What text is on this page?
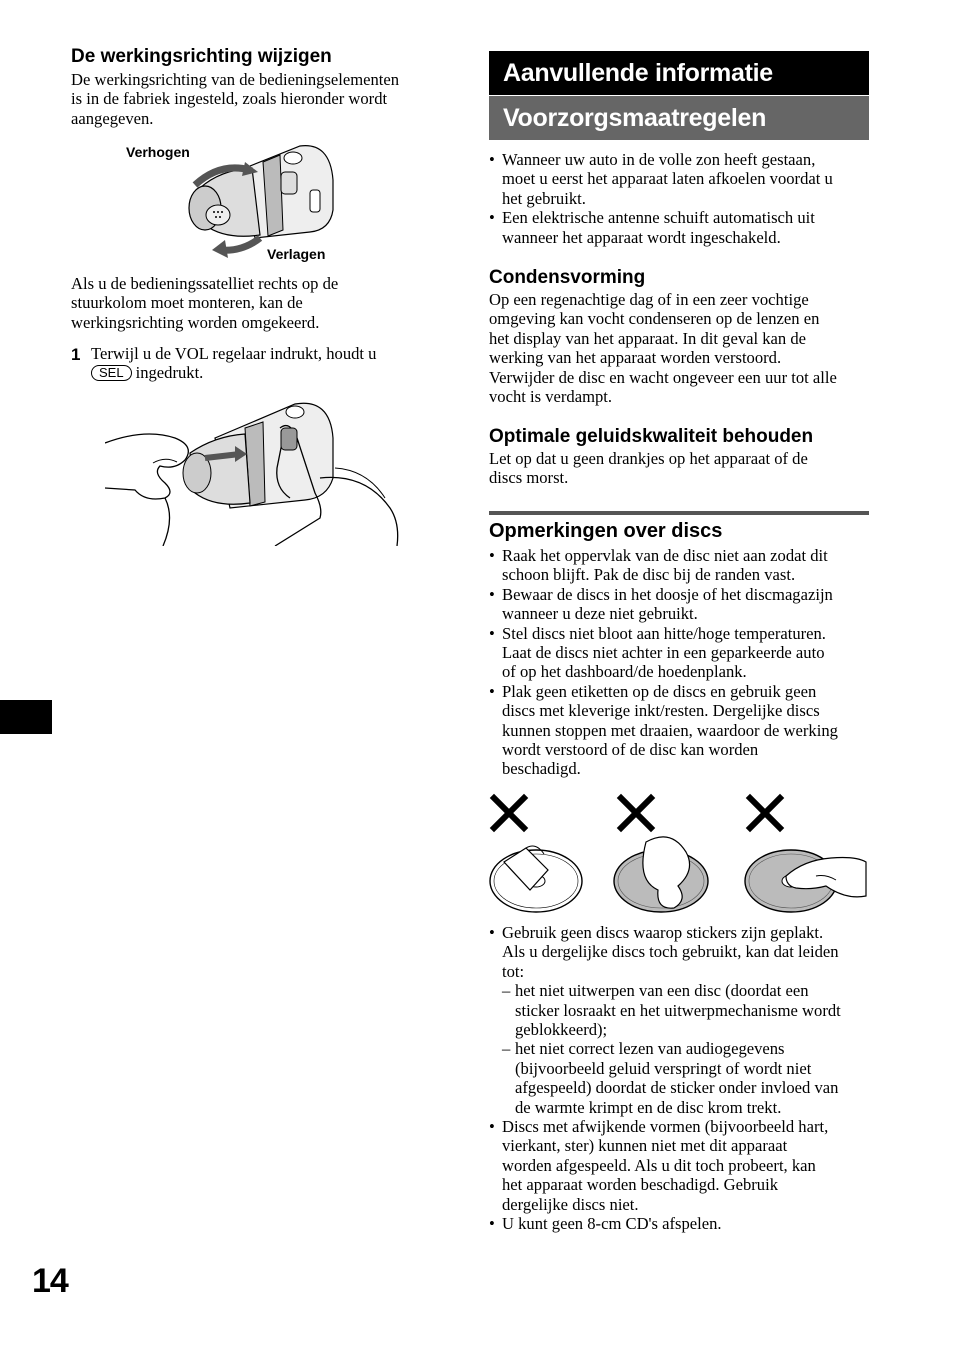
De werkingsrichting wijzigen
De werkingsrichting van de bedieningselementen
is in de fabriek ingesteld, zoals hieronder wordt
aangegeven.
Verhogen
Verlagen
Als u de bedieningssatelliet rechts op de
stuurkolom moet monteren, kan de
werkingsrichting worden omgekeerd.
1 Terwijl u de VOL regelaar indrukt, houdt u
SEL ingedrukt.
14
Aanvullende informatie
Voorzorgsmaatregelen
• Wanneer uw auto in de volle zon heeft gestaan,
moet u eerst het apparaat laten afkoelen voordat u
het gebruikt.
• Een elektrische antenne schuift automatisch uit
wanneer het apparaat wordt ingeschakeld.
Condensvorming
Op een regenachtige dag of in een zeer vochtige
omgeving kan vocht condenseren op de lenzen en
het display van het apparaat. In dit geval kan de
werking van het apparaat worden verstoord.
Verwijder de disc en wacht ongeveer een uur tot alle
vocht is verdampt.
Optimale geluidskwaliteit behouden
Let op dat u geen drankjes op het apparaat of de
discs morst.
Opmerkingen over discs
• Raak het oppervlak van de disc niet aan zodat dit
schoon blijft. Pak de disc bij de randen vast.
• Bewaar de discs in het doosje of het discmagazijn
wanneer u deze niet gebruikt.
• Stel discs niet bloot aan hitte/hoge temperaturen.
Laat de discs niet achter in een geparkeerde auto
of op het dashboard/de hoedenplank.
• Plak geen etiketten op de discs en gebruik geen
discs met kleverige inkt/resten. Dergelijke discs
kunnen stoppen met draaien, waardoor de werking
wordt verstoord of de disc kan worden
beschadigd.
• Gebruik geen discs waarop stickers zijn geplakt.
Als u dergelijke discs toch gebruikt, kan dat leiden
tot:
– het niet uitwerpen van een disc (doordat een
sticker losraakt en het uitwerpmechanisme wordt
geblokkeerd);
– het niet correct lezen van audiogegevens
(bijvoorbeeld geluid verspringt of wordt niet
afgespeeld) doordat de sticker onder invloed van
de warmte krimpt en de disc krom trekt.
• Discs met afwijkende vormen (bijvoorbeeld hart,
vierkant, ster) kunnen niet met dit apparaat
worden afgespeeld. Als u dit toch probeert, kan
het apparaat worden beschadigd. Gebruik
dergelijke discs niet.
• U kunt geen 8-cm CD's afspelen.
